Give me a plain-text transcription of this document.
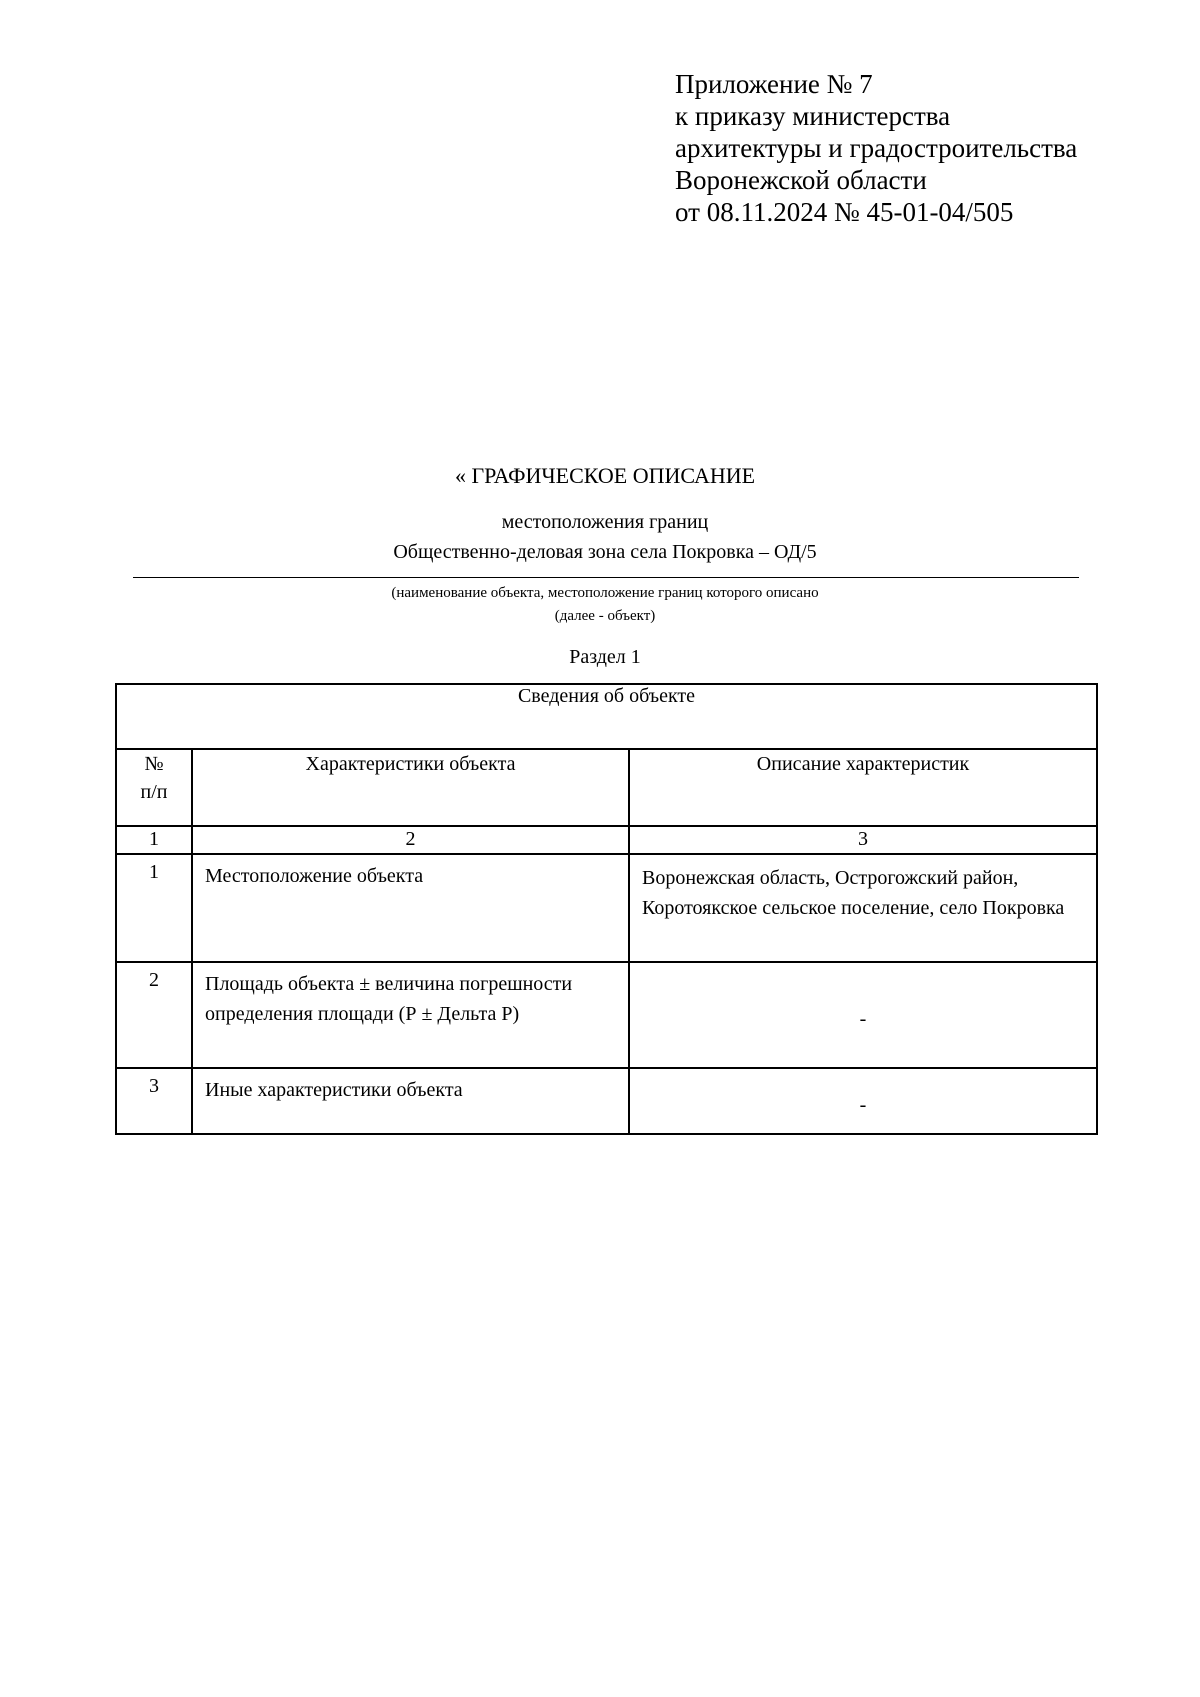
Приложение № 7
к приказу министерства
архитектуры и градостроительства
Воронежской области
от 08.11.2024 № 45-01-04/505
« ГРАФИЧЕСКОЕ ОПИСАНИЕ
местоположения границ
Общественно-деловая зона села Покровка – ОД/5
(наименование объекта, местоположение границ которого описано
(далее - объект)
Раздел 1
Сведения об объекте		
№ п/п	Характеристики объекта	Описание характеристик
1	2	3
1	Местоположение объекта	Воронежская область, Острогожский район, Коротоякское сельское поселение, село Покровка
2	Площадь объекта ± величина погрешности определения площади (Р ± Дельта Р)	-
3	Иные характеристики объекта	-
